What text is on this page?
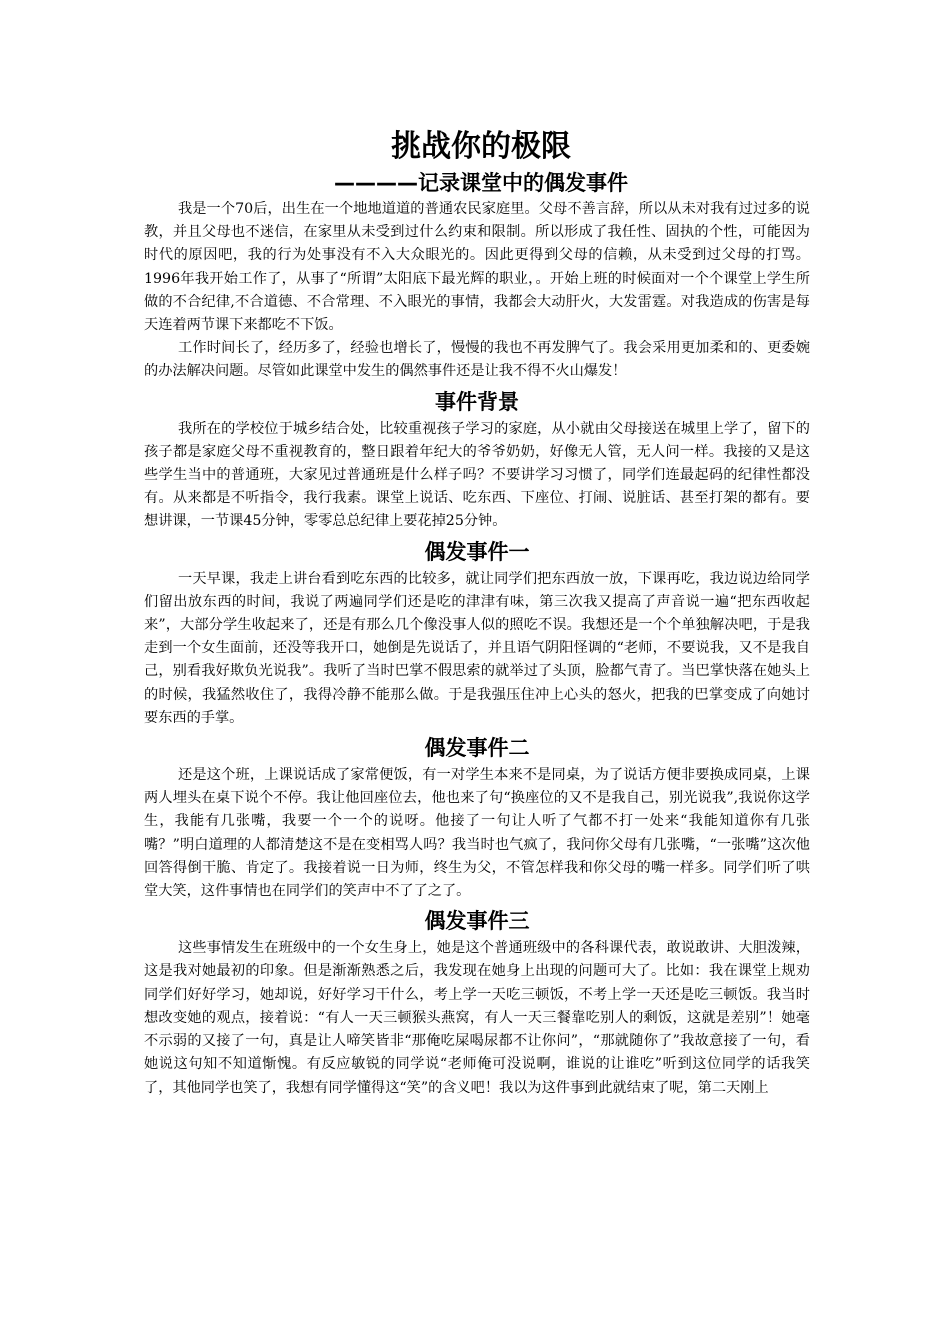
挑战你的极限
————记录课堂中的偶发事件

我是一个70后，出生在一个地地道道的普通农民家庭里。父母不善言辞，所以从未对我有过过多的说教，并且父母也不迷信，在家里从未受到过什么约束和限制。所以形成了我任性、固执的个性，可能因为时代的原因吧，我的行为处事没有不入大众眼光的。因此更得到父母的信赖，从未受到过父母的打骂。1996年我开始工作了，从事了“所谓”太阳底下最光辉的职业，。开始上班的时候面对一个个课堂上学生所做的不合纪律,不合道德、不合常理、不入眼光的事情，我都会大动肝火，大发雷霆。对我造成的伤害是每天连着两节课下来都吃不下饭。

工作时间长了，经历多了，经验也增长了，慢慢的我也不再发脾气了。我会采用更加柔和的、更委婉的办法解决问题。尽管如此课堂中发生的偶然事件还是让我不得不火山爆发！

事件背景

我所在的学校位于城乡结合处，比较重视孩子学习的家庭，从小就由父母接送在城里上学了，留下的孩子都是家庭父母不重视教育的，整日跟着年纪大的爷爷奶奶，好像无人管，无人问一样。我接的又是这些学生当中的普通班，大家见过普通班是什么样子吗？不要讲学习习惯了，同学们连最起码的纪律性都没有。从来都是不听指令，我行我素。课堂上说话、吃东西、下座位、打闹、说脏话、甚至打架的都有。要想讲课，一节课45分钟，零零总总纪律上要花掉25分钟。

偶发事件一

一天早课，我走上讲台看到吃东西的比较多，就让同学们把东西放一放，下课再吃，我边说边给同学们留出放东西的时间，我说了两遍同学们还是吃的津津有味，第三次我又提高了声音说一遍“把东西收起来”，大部分学生收起来了，还是有那么几个像没事人似的照吃不误。我想还是一个个单独解决吧，于是我走到一个女生面前，还没等我开口，她倒是先说话了，并且语气阴阳怪调的“老师，不要说我，又不是我自己，别看我好欺负光说我”。我听了当时巴掌不假思索的就举过了头顶，脸都气青了。当巴掌快落在她头上的时候，我猛然收住了，我得冷静不能那么做。于是我强压住冲上心头的怒火，把我的巴掌变成了向她讨要东西的手掌。

偶发事件二

还是这个班，上课说话成了家常便饭，有一对学生本来不是同桌，为了说话方便非要换成同桌，上课两人埋头在桌下说个不停。我让他回座位去，他也来了句“换座位的又不是我自己，别光说我”,我说你这学生，我能有几张嘴，我要一个一个的说呀。他接了一句让人听了气都不打一处来“我能知道你有几张嘴？”明白道理的人都清楚这不是在变相骂人吗？我当时也气疯了，我问你父母有几张嘴，“一张嘴”这次他回答得倒干脆、肯定了。我接着说一日为师，终生为父，不管怎样我和你父母的嘴一样多。同学们听了哄堂大笑，这件事情也在同学们的笑声中不了了之了。

偶发事件三

这些事情发生在班级中的一个女生身上，她是这个普通班级中的各科课代表，敢说敢讲、大胆泼辣，这是我对她最初的印象。但是渐渐熟悉之后，我发现在她身上出现的问题可大了。比如：我在课堂上规劝同学们好好学习，她却说，好好学习干什么，考上学一天吃三顿饭，不考上学一天还是吃三顿饭。我当时想改变她的观点，接着说：“有人一天三顿猴头燕窝，有人一天三餐靠吃别人的剩饭，这就是差别”！她毫不示弱的又接了一句，真是让人啼笑皆非“那俺吃屎喝尿都不让你问”，“那就随你了”我故意接了一句，看她说这句知不知道惭愧。有反应敏锐的同学说“老师俺可没说啊，谁说的让谁吃”听到这位同学的话我笑了，其他同学也笑了，我想有同学懂得这“笑”的含义吧！我以为这件事到此就结束了呢，第二天刚上
